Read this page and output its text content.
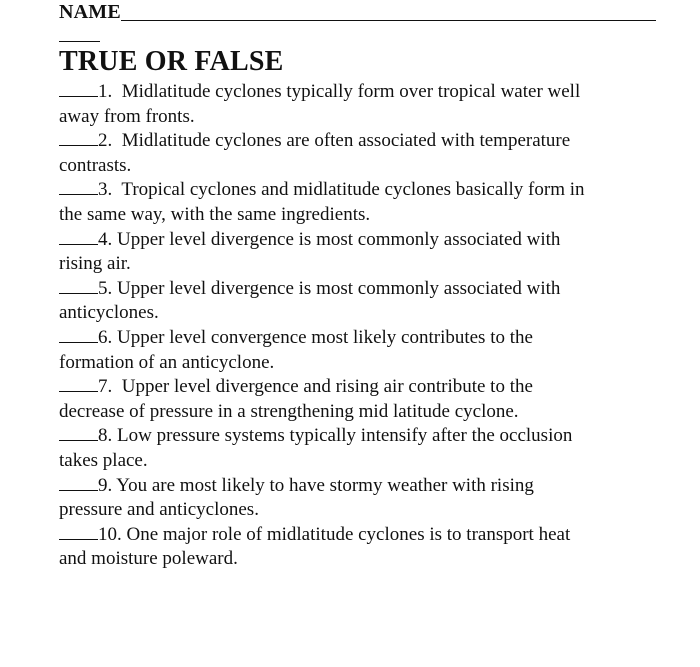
NAME
TRUE OR FALSE
1. Midlatitude cyclones typically form over tropical water well
away from fronts.
2. Midlatitude cyclones are often associated with temperature
contrasts.
3. Tropical cyclones and midlatitude cyclones basically form in
the same way, with the same ingredients.
4. Upper level divergence is most commonly associated with
rising air.
5. Upper level divergence is most commonly associated with
anticyclones.
6. Upper level convergence most likely contributes to the
formation of an anticyclone.
7. Upper level divergence and rising air contribute to the
decrease of pressure in a strengthening mid latitude cyclone.
8. Low pressure systems typically intensify after the occlusion
takes place.
9. You are most likely to have stormy weather with rising
pressure and anticyclones.
10. One major role of midlatitude cyclones is to transport heat
and moisture poleward.
